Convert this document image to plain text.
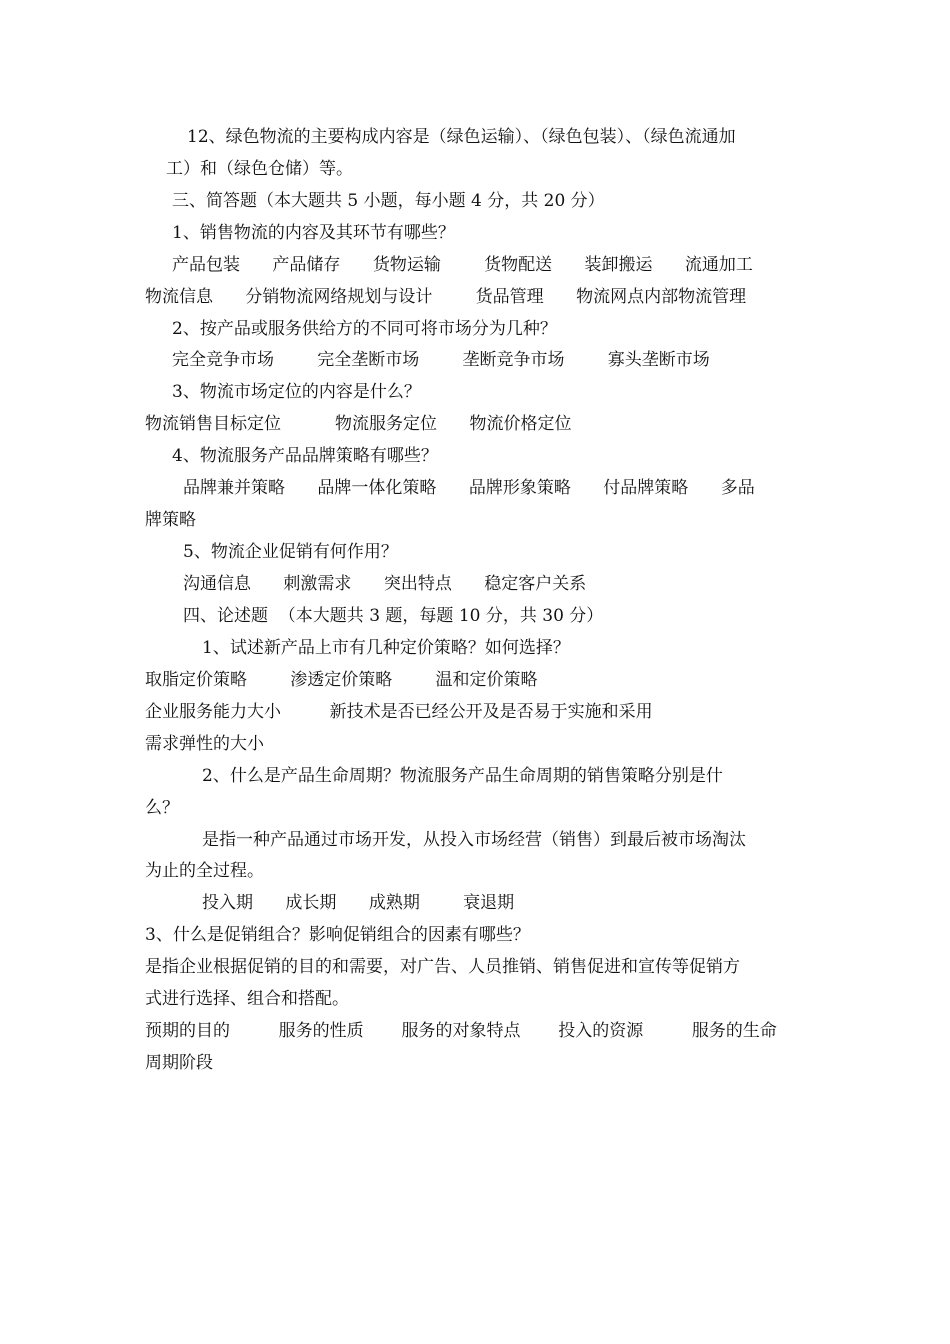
12、绿色物流的主要构成内容是（绿色运输）、（绿色包装）、（绿色流通加
工）和（绿色仓储）等。
三、简答题（本大题共 5 小题，每小题 4 分，共 20 分）
1、销售物流的内容及其环节有哪些？
产品包装      产品储存      货物运输        货物配送      装卸搬运      流通加工
物流信息      分销物流网络规划与设计        货品管理      物流网点内部物流管理
2、按产品或服务供给方的不同可将市场分为几种？
完全竞争市场        完全垄断市场        垄断竞争市场        寡头垄断市场
3、物流市场定位的内容是什么？
物流销售目标定位          物流服务定位      物流价格定位
4、物流服务产品品牌策略有哪些？
品牌兼并策略      品牌一体化策略      品牌形象策略      付品牌策略      多品
牌策略
5、物流企业促销有何作用？
沟通信息      刺激需求      突出特点      稳定客户关系
四、论述题  （本大题共 3 题，每题 10 分，共 30 分）
1、试述新产品上市有几种定价策略？如何选择？
取脂定价策略        渗透定价策略        温和定价策略
企业服务能力大小         新技术是否已经公开及是否易于实施和采用
需求弹性的大小
2、什么是产品生命周期？物流服务产品生命周期的销售策略分别是什
么？
是指一种产品通过市场开发，从投入市场经营（销售）到最后被市场淘汰
为止的全过程。
投入期      成长期      成熟期        衰退期
3、什么是促销组合？影响促销组合的因素有哪些？
是指企业根据促销的目的和需要，对广告、人员推销、销售促进和宣传等促销方
式进行选择、组合和搭配。
预期的目的         服务的性质       服务的对象特点       投入的资源         服务的生命
周期阶段
